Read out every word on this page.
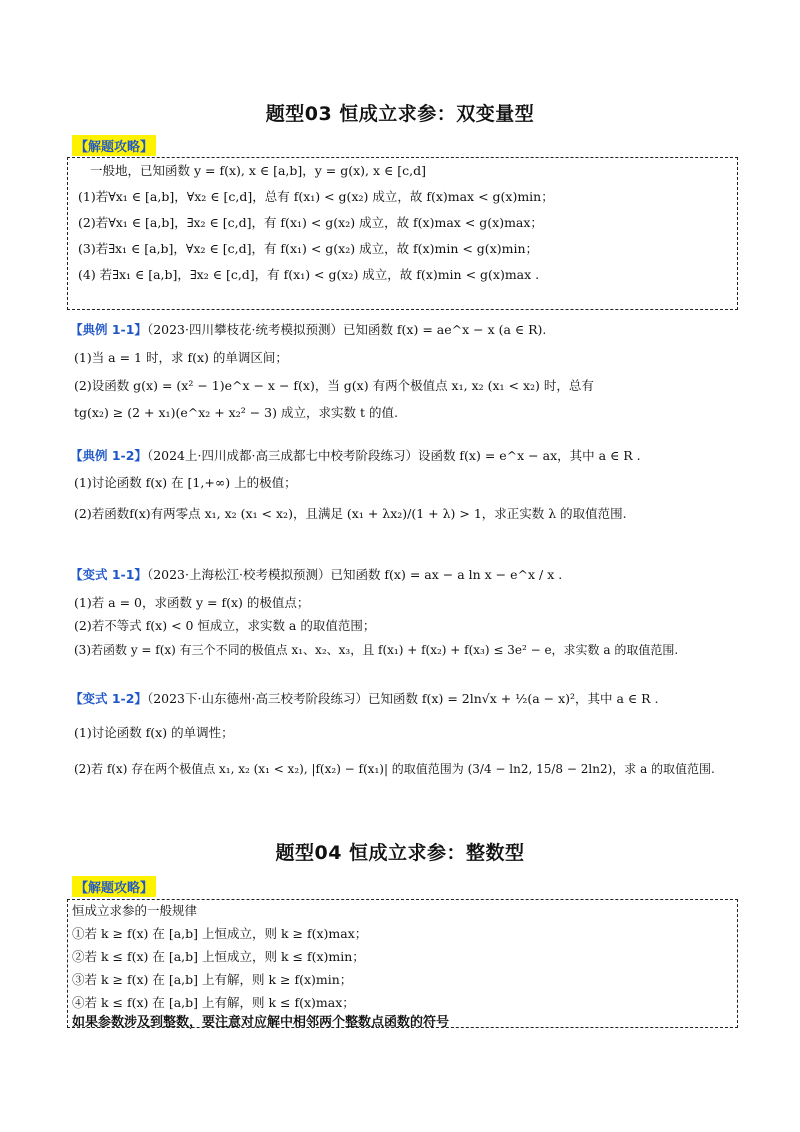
题型03 恒成立求参：双变量型
【解题攻略】
一般地，已知函数 y = f(x), x ∈ [a,b]，y = g(x), x ∈ [c,d]
(1)若∀x₁ ∈ [a,b]，∀x₂ ∈ [c,d]，总有 f(x₁) < g(x₂) 成立，故 f(x)max < g(x)min；
(2)若∀x₁ ∈ [a,b]，∃x₂ ∈ [c,d]，有 f(x₁) < g(x₂) 成立，故 f(x)max < g(x)max；
(3)若∃x₁ ∈ [a,b]，∀x₂ ∈ [c,d]，有 f(x₁) < g(x₂) 成立，故 f(x)min < g(x)min；
(4) 若∃x₁ ∈ [a,b]，∃x₂ ∈ [c,d]，有 f(x₁) < g(x₂) 成立，故 f(x)min < g(x)max .
【典例 1-1】（2023·四川攀枝花·统考模拟预测）已知函数 f(x) = ae^x − x (a ∈ R).
(1)当 a = 1 时，求 f(x) 的单调区间；
(2)设函数 g(x) = (x² − 1)e^x − x − f(x)，当 g(x) 有两个极值点 x₁, x₂ (x₁ < x₂) 时，总有
tg(x₂) ≥ (2 + x₁)(e^x₂ + x₂² − 3) 成立，求实数 t 的值.
【典例 1-2】（2024上·四川成都·高三成都七中校考阶段练习）设函数 f(x) = e^x − ax，其中 a ∈ R .
(1)讨论函数 f(x) 在 [1,+∞) 上的极值；
(2)若函数f(x)有两零点 x₁, x₂ (x₁ < x₂)，且满足 (x₁ + λx₂)/(1 + λ) > 1，求正实数 λ 的取值范围.
【变式 1-1】（2023·上海松江·校考模拟预测）已知函数 f(x) = ax − a ln x − e^x / x .
(1)若 a = 0，求函数 y = f(x) 的极值点；
(2)若不等式 f(x) < 0 恒成立，求实数 a 的取值范围；
(3)若函数 y = f(x) 有三个不同的极值点 x₁、x₂、x₃，且 f(x₁) + f(x₂) + f(x₃) ≤ 3e² − e，求实数 a 的取值范围.
【变式 1-2】（2023下·山东德州·高三校考阶段练习）已知函数 f(x) = 2ln√x + ½(a − x)²，其中 a ∈ R .
(1)讨论函数 f(x) 的单调性；
(2)若 f(x) 存在两个极值点 x₁, x₂ (x₁ < x₂), |f(x₂) − f(x₁)| 的取值范围为 (3/4 − ln2, 15/8 − 2ln2)，求 a 的取值范围.
题型04 恒成立求参：整数型
【解题攻略】
恒成立求参的一般规律
①若 k ≥ f(x) 在 [a,b] 上恒成立，则 k ≥ f(x)max；
②若 k ≤ f(x) 在 [a,b] 上恒成立，则 k ≤ f(x)min；
③若 k ≥ f(x) 在 [a,b] 上有解，则 k ≥ f(x)min；
④若 k ≤ f(x) 在 [a,b] 上有解，则 k ≤ f(x)max；
如果参数涉及到整数，要注意对应解中相邻两个整数点函数的符号
